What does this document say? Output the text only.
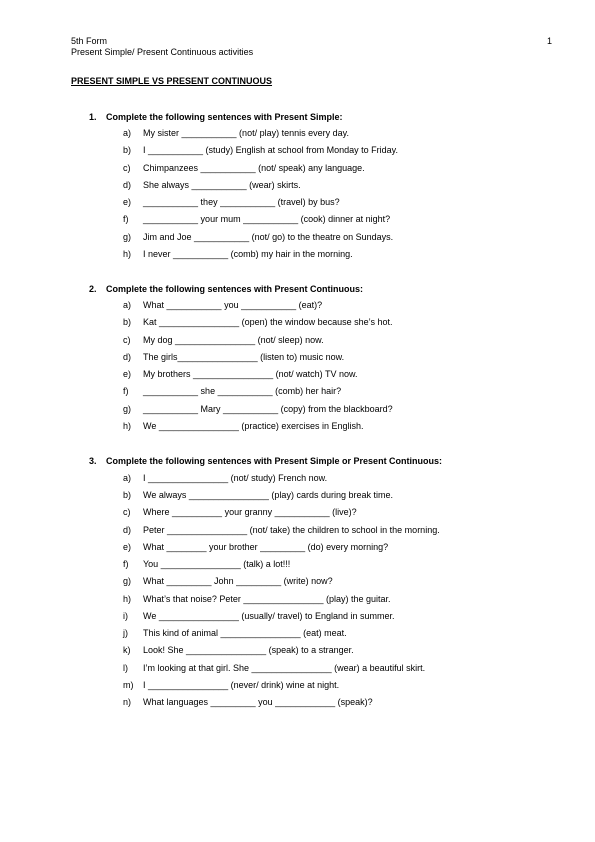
5th Form
Present Simple/ Present Continuous activities
1
PRESENT SIMPLE VS PRESENT CONTINUOUS
1. Complete the following sentences with Present Simple:
a) My sister ___________ (not/ play) tennis every day.
b) I ___________ (study) English at school from Monday to Friday.
c) Chimpanzees ___________ (not/ speak) any language.
d) She always ___________ (wear) skirts.
e) ___________ they ___________ (travel) by bus?
f) ___________ your mum ___________ (cook) dinner at night?
g) Jim and Joe ___________ (not/ go) to the theatre on Sundays.
h) I never ___________ (comb) my hair in the morning.
2. Complete the following sentences with Present Continuous:
a) What ___________ you ___________ (eat)?
b) Kat ________________ (open) the window because she’s hot.
c) My dog ________________ (not/ sleep) now.
d) The girls________________ (listen to) music now.
e) My brothers ________________ (not/ watch) TV now.
f) ___________ she ___________ (comb) her hair?
g) ___________ Mary ___________ (copy) from the blackboard?
h) We ________________ (practice) exercises in English.
3. Complete the following sentences with Present Simple or Present Continuous:
a) I ________________ (not/ study) French now.
b) We always ________________ (play) cards during break time.
c) Where __________ your granny ___________ (live)?
d) Peter ________________ (not/ take) the children to school in the morning.
e) What ________ your brother _________ (do) every morning?
f) You ________________ (talk) a lot!!!
g) What _________ John _________ (write) now?
h) What’s that noise? Peter ________________ (play) the guitar.
i) We ________________ (usually/ travel) to England in summer.
j) This kind of animal ________________ (eat) meat.
k) Look! She ________________ (speak) to a stranger.
l) I’m looking at that girl. She ________________ (wear) a beautiful skirt.
m) I ________________ (never/ drink) wine at night.
n) What languages _________ you ____________ (speak)?
